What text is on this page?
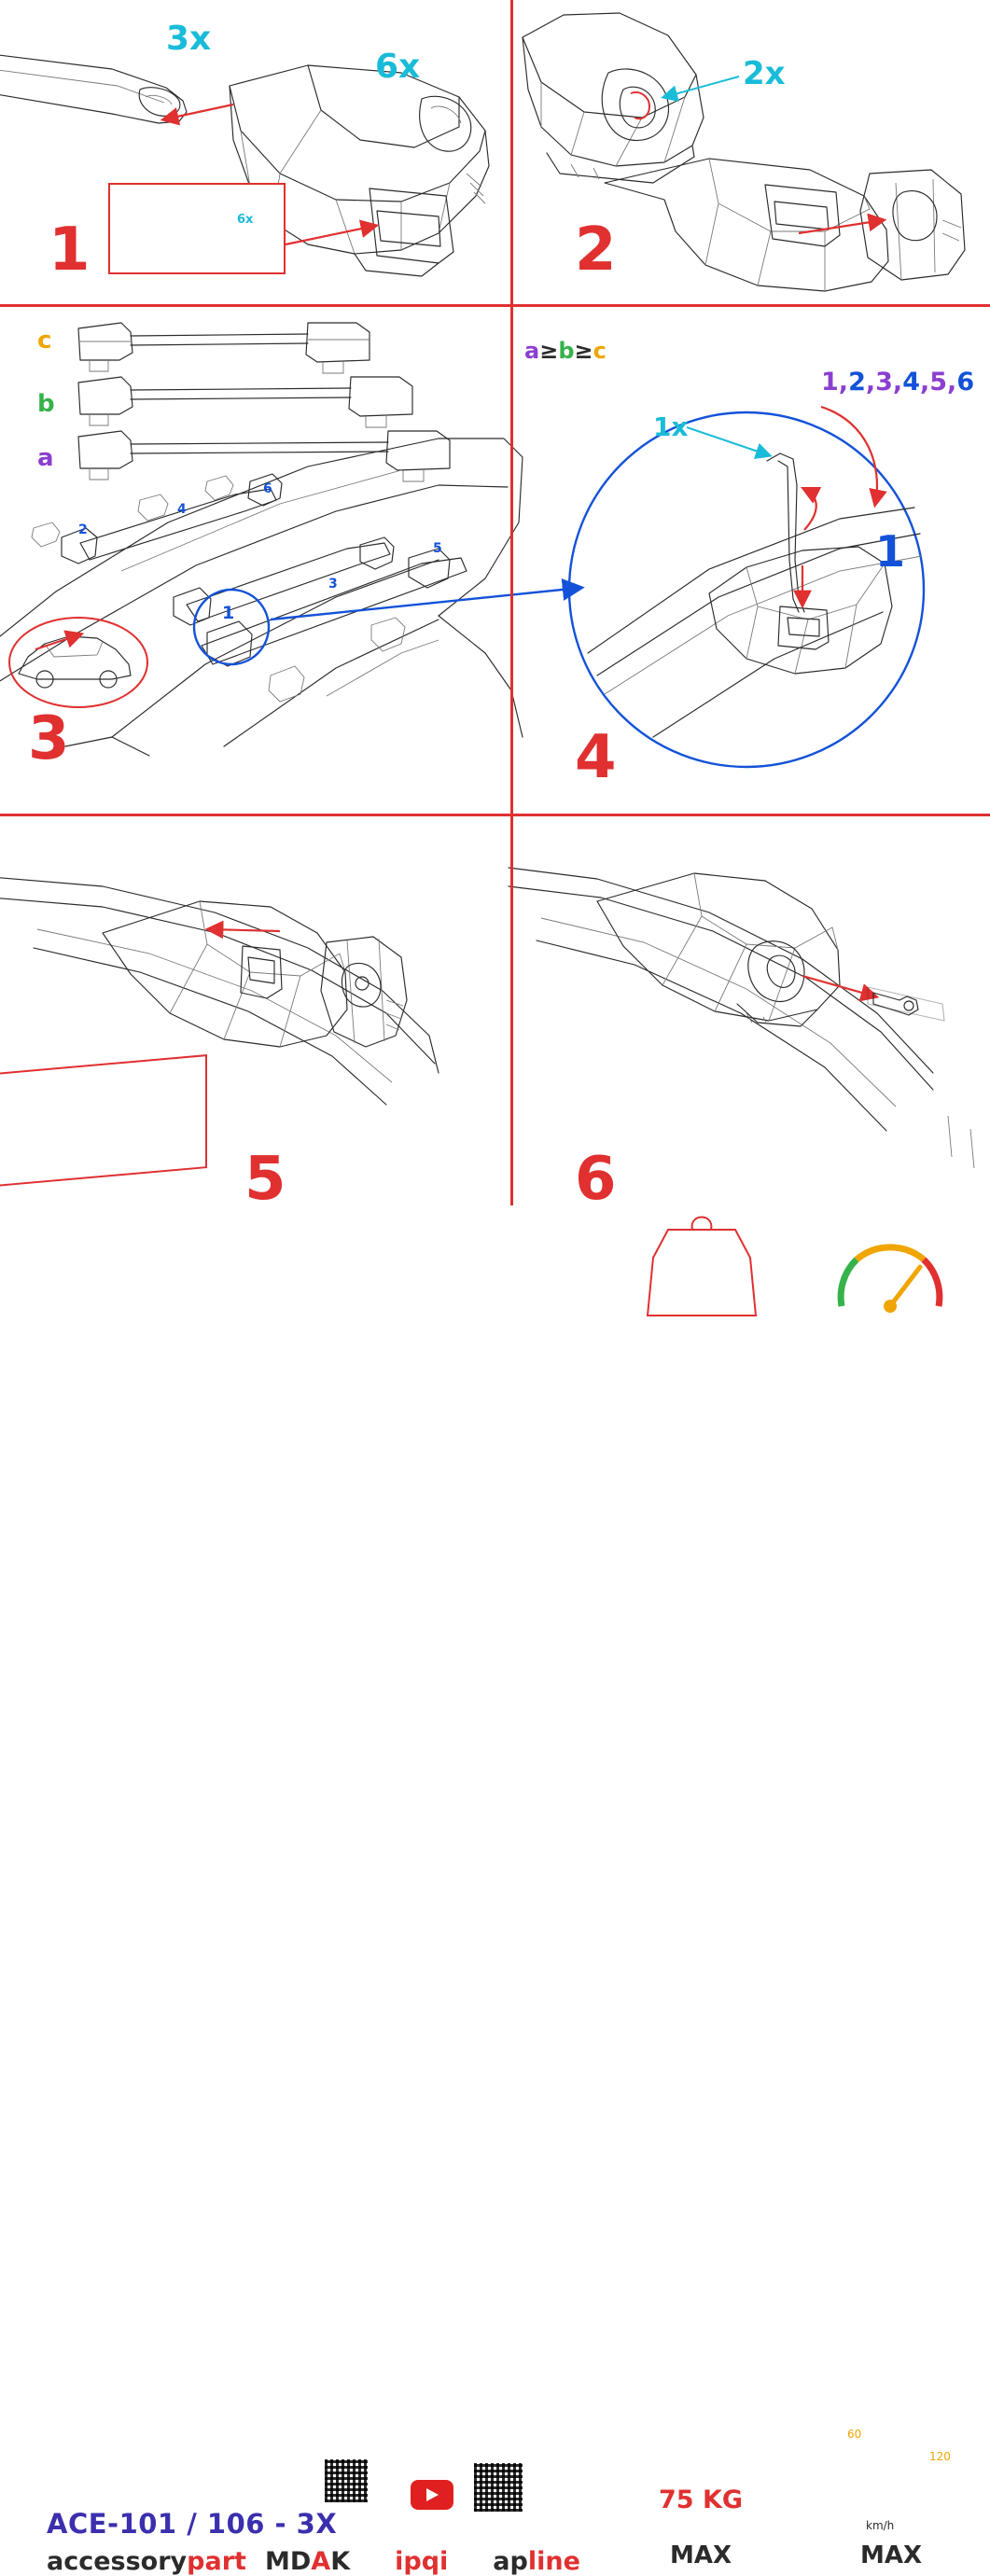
1	2
3	4
5	6
3x
6x	2x
1x
6x
c
b
a
a≥b≥c
1,2,3,4,5,6
1
1
2
3
4
5
6
ACE-101 / 106 - 3X
accessory part MDAK ipqi apline
75 KG
MAX	MAX
km/h
60
120
